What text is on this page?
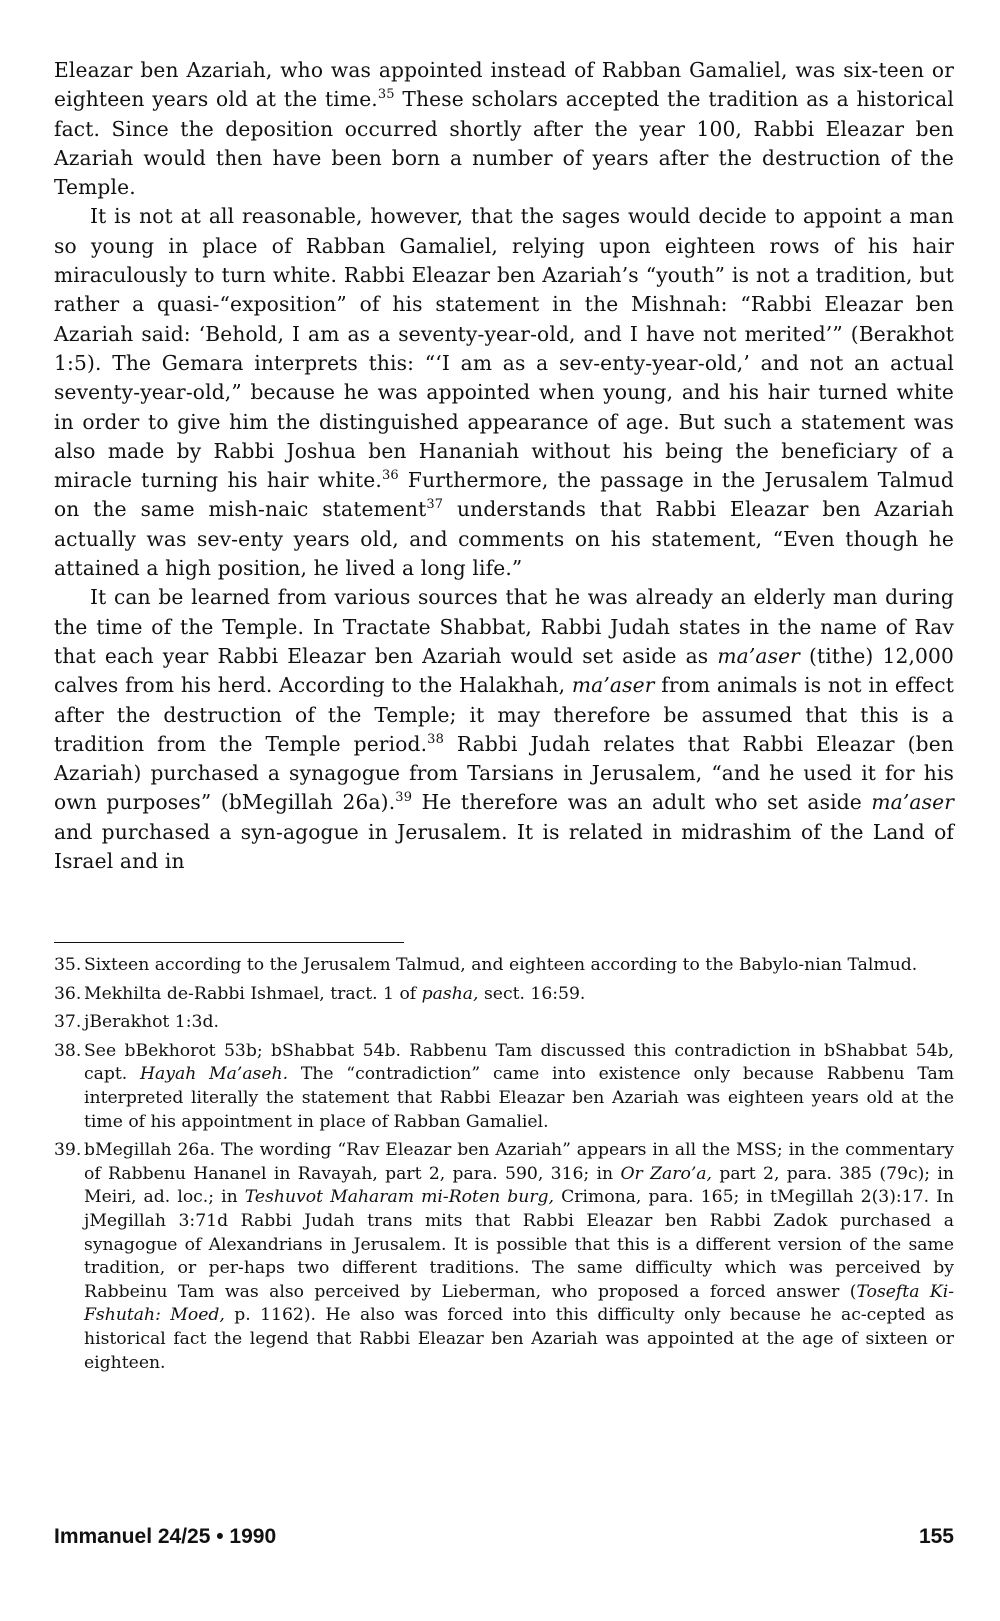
Eleazar ben Azariah, who was appointed instead of Rabban Gamaliel, was six-teen or eighteen years old at the time.$^{35}$ These scholars accepted the tradition as a historical fact. Since the deposition occurred shortly after the year 100, Rabbi Eleazar ben Azariah would then have been born a number of years after the destruction of the Temple.

It is not at all reasonable, however, that the sages would decide to appoint a man so young in place of Rabban Gamaliel, relying upon eighteen rows of his hair miraculously to turn white. Rabbi Eleazar ben Azariah’s “youth” is not a tradition, but rather a quasi-“exposition” of his statement in the Mishnah: “Rabbi Eleazar ben Azariah said: ‘Behold, I am as a seventy-year-old, and I have not merited’” (Berakhot 1:5). The Gemara interprets this: “‘I am as a sev-enty-year-old,’ and not an actual seventy-year-old,” because he was appointed when young, and his hair turned white in order to give him the distinguished appearance of age. But such a statement was also made by Rabbi Joshua ben Hananiah without his being the beneficiary of a miracle turning his hair white.$^{36}$ Furthermore, the passage in the Jerusalem Talmud on the same mish-naic statement$^{37}$ understands that Rabbi Eleazar ben Azariah actually was sev-enty years old, and comments on his statement, “Even though he attained a high position, he lived a long life.”

It can be learned from various sources that he was already an elderly man during the time of the Temple. In Tractate Shabbat, Rabbi Judah states in the name of Rav that each year Rabbi Eleazar ben Azariah would set aside as ma’aser (tithe) 12,000 calves from his herd. According to the Halakhah, ma’aser from animals is not in effect after the destruction of the Temple; it may therefore be assumed that this is a tradition from the Temple period.$^{38}$ Rabbi Judah relates that Rabbi Eleazar (ben Azariah) purchased a synagogue from Tarsians in Jerusalem, “and he used it for his own purposes” (bMegillah 26a).$^{39}$ He therefore was an adult who set aside ma’aser and purchased a syn-agogue in Jerusalem. It is related in midrashim of the Land of Israel and in

35. Sixteen according to the Jerusalem Talmud, and eighteen according to the Babylo-nian Talmud.
36. Mekhilta de-Rabbi Ishmael, tract. 1 of pasha, sect. 16:59.
37. jBerakhot 1:3d.
38. See bBekhorot 53b; bShabbat 54b. Rabbenu Tam discussed this contradiction in bShabbat 54b, capt. Hayah Ma’aseh. The “contradiction” came into existence only because Rabbenu Tam interpreted literally the statement that Rabbi Eleazar ben Azariah was eighteen years old at the time of his appointment in place of Rabban Gamaliel.
39. bMegillah 26a. The wording “Rav Eleazar ben Azariah” appears in all the MSS; in the commentary of Rabbenu Hananel in Ravayah, part 2, para. 590, 316; in Or Zaro’a, part 2, para. 385 (79c); in Meiri, ad. loc.; in Teshuvot Maharam mi-Roten burg, Crimona, para. 165; in tMegillah 2(3):17. In jMegillah 3:71d Rabbi Judah trans mits that Rabbi Eleazar ben Rabbi Zadok purchased a synagogue of Alexandrians in Jerusalem. It is possible that this is a different version of the same tradition, or per-haps two different traditions. The same difficulty which was perceived by Rabbeinu Tam was also perceived by Lieberman, who proposed a forced answer (Tosefta Ki-Fshutah: Moed, p. 1162). He also was forced into this difficulty only because he ac-cepted as historical fact the legend that Rabbi Eleazar ben Azariah was appointed at the age of sixteen or eighteen.
Immanuel 24/25 • 1990	155
